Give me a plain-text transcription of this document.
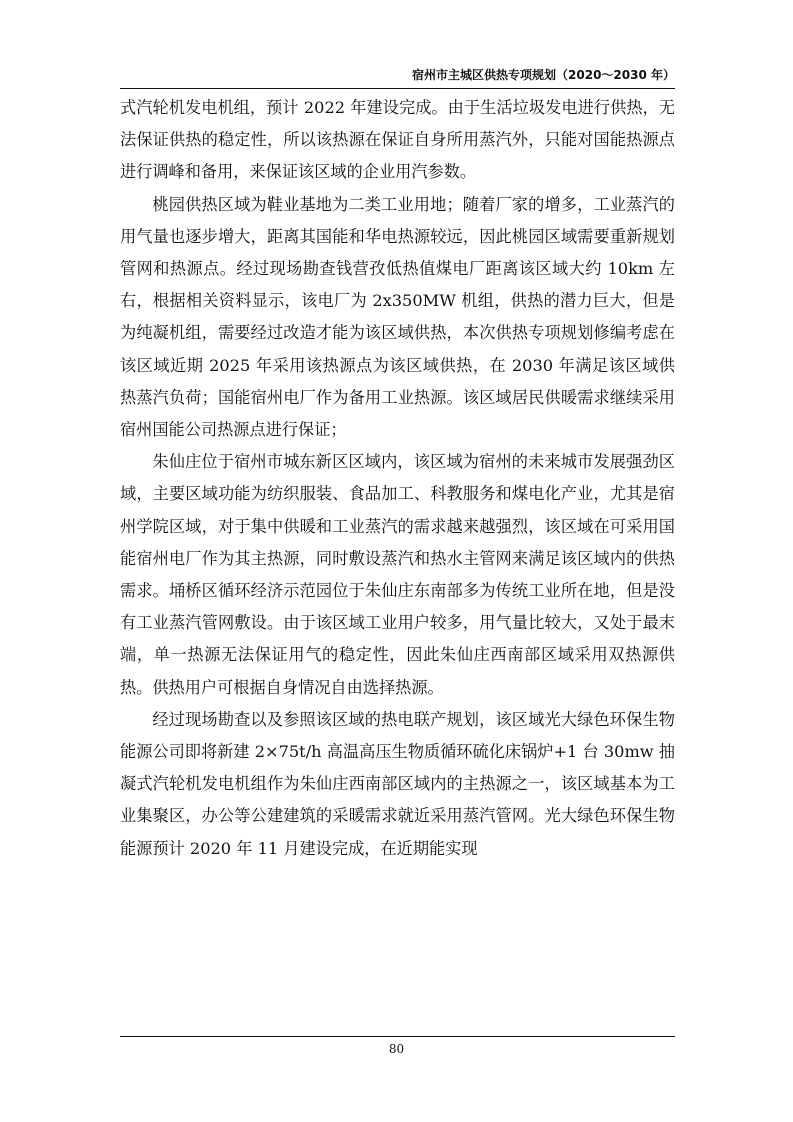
宿州市主城区供热专项规划（2020～2030 年）

式汽轮机发电机组，预计 2022 年建设完成。由于生活垃圾发电进行供热，无法保证供热的稳定性，所以该热源在保证自身所用蒸汽外，只能对国能热源点进行调峰和备用，来保证该区域的企业用汽参数。

桃园供热区域为鞋业基地为二类工业用地；随着厂家的增多，工业蒸汽的用气量也逐步增大，距离其国能和华电热源较远，因此桃园区域需要重新规划管网和热源点。经过现场勘查钱营孜低热值煤电厂距离该区域大约 10km 左右，根据相关资料显示，该电厂为 2x350MW 机组，供热的潜力巨大，但是为纯凝机组，需要经过改造才能为该区域供热，本次供热专项规划修编考虑在该区域近期 2025 年采用该热源点为该区域供热，在 2030 年满足该区域供热蒸汽负荷；国能宿州电厂作为备用工业热源。该区域居民供暖需求继续采用宿州国能公司热源点进行保证；

朱仙庄位于宿州市城东新区区域内，该区域为宿州的未来城市发展强劲区域，主要区域功能为纺织服装、食品加工、科教服务和煤电化产业，尤其是宿州学院区域，对于集中供暖和工业蒸汽的需求越来越强烈，该区域在可采用国能宿州电厂作为其主热源，同时敷设蒸汽和热水主管网来满足该区域内的供热需求。埇桥区循环经济示范园位于朱仙庄东南部多为传统工业所在地，但是没有工业蒸汽管网敷设。由于该区域工业用户较多，用气量比较大，又处于最末端，单一热源无法保证用气的稳定性，因此朱仙庄西南部区域采用双热源供热。供热用户可根据自身情况自由选择热源。

经过现场勘查以及参照该区域的热电联产规划，该区域光大绿色环保生物能源公司即将新建 2×75t/h 高温高压生物质循环硫化床锅炉+1 台 30mw 抽凝式汽轮机发电机组作为朱仙庄西南部区域内的主热源之一，该区域基本为工业集聚区，办公等公建建筑的采暖需求就近采用蒸汽管网。光大绿色环保生物能源预计 2020 年 11 月建设完成，在近期能实现

80
